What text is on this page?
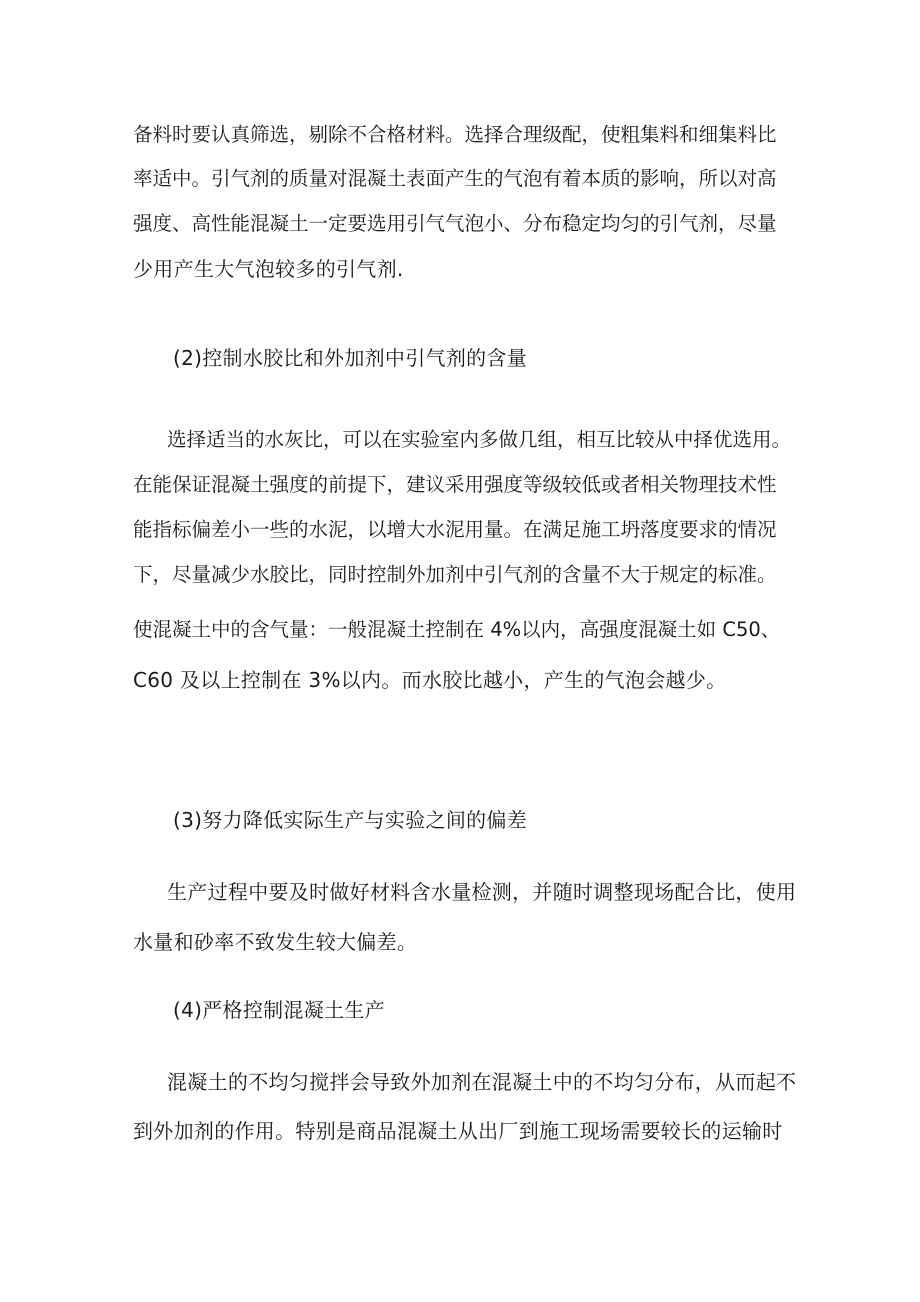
备料时要认真筛选，剔除不合格材料。选择合理级配，使粗集料和细集料比
率适中。引气剂的质量对混凝土表面产生的气泡有着本质的影响，所以对高
强度、高性能混凝土一定要选用引气气泡小、分布稳定均匀的引气剂，尽量
少用产生大气泡较多的引气剂.
(2)控制水胶比和外加剂中引气剂的含量
选择适当的水灰比，可以在实验室内多做几组，相互比较从中择优选用。
在能保证混凝土强度的前提下，建议采用强度等级较低或者相关物理技术性
能指标偏差小一些的水泥，以增大水泥用量。在满足施工坍落度要求的情况
下，尽量减少水胶比，同时控制外加剂中引气剂的含量不大于规定的标准。
使混凝土中的含气量：一般混凝土控制在 4%以内，高强度混凝土如 C50、
C60 及以上控制在 3%以内。而水胶比越小，产生的气泡会越少。
(3)努力降低实际生产与实验之间的偏差
生产过程中要及时做好材料含水量检测，并随时调整现场配合比，使用
水量和砂率不致发生较大偏差。
(4)严格控制混凝土生产
混凝土的不均匀搅拌会导致外加剂在混凝土中的不均匀分布，从而起不
到外加剂的作用。特别是商品混凝土从出厂到施工现场需要较长的运输时
